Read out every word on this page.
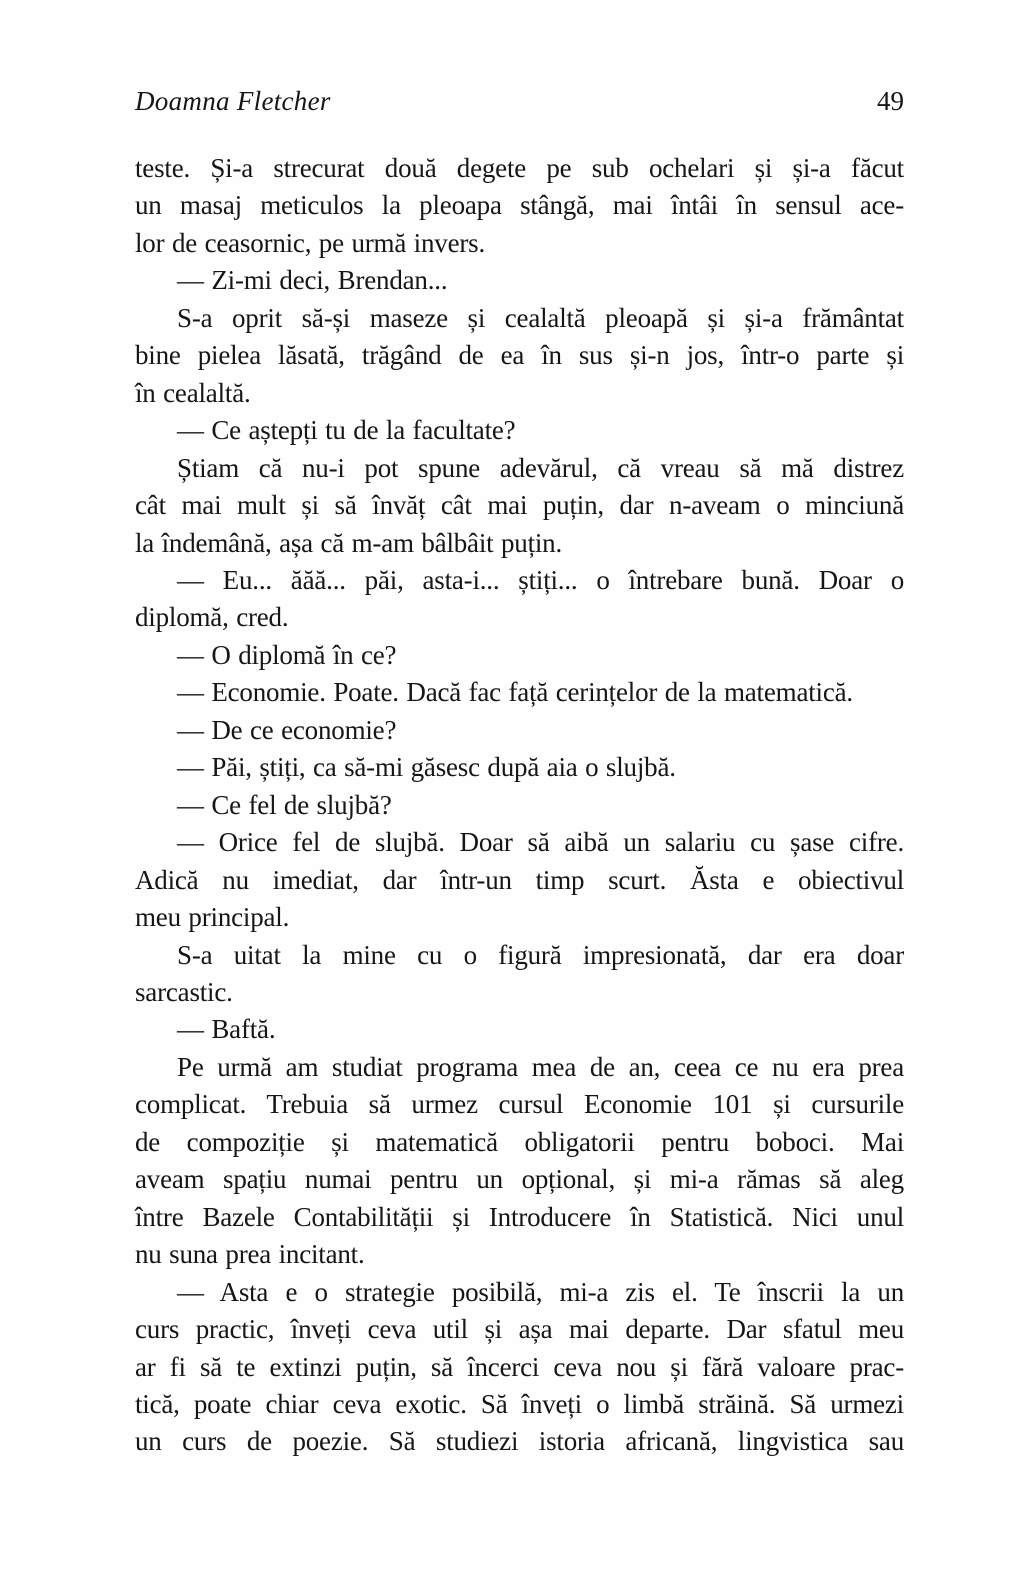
Doamna Fletcher	49
teste. Și-a strecurat două degete pe sub ochelari și și-a făcut
un masaj meticulos la pleoapa stângă, mai întâi în sensul ace-
lor de ceasornic, pe urmă invers.
— Zi-mi deci, Brendan...
S-a oprit să-și maseze și cealaltă pleoapă și și-a frământat
bine pielea lăsată, trăgând de ea în sus și-n jos, într-o parte și
în cealaltă.
— Ce aștepți tu de la facultate?
Știam că nu-i pot spune adevărul, că vreau să mă distrez
cât mai mult și să învăț cât mai puțin, dar n-aveam o minciună
la îndemână, așa că m-am bâlbâit puțin.
— Eu... ăăă... păi, asta-i... știți... o întrebare bună. Doar o
diplomă, cred.
— O diplomă în ce?
— Economie. Poate. Dacă fac față cerințelor de la matematică.
— De ce economie?
— Păi, știți, ca să-mi găsesc după aia o slujbă.
— Ce fel de slujbă?
— Orice fel de slujbă. Doar să aibă un salariu cu șase cifre.
Adică nu imediat, dar într-un timp scurt. Ăsta e obiectivul
meu principal.
S-a uitat la mine cu o figură impresionată, dar era doar
sarcastic.
— Baftă.
Pe urmă am studiat programa mea de an, ceea ce nu era prea
complicat. Trebuia să urmez cursul Economie 101 și cursurile
de compoziție și matematică obligatorii pentru boboci. Mai
aveam spațiu numai pentru un opțional, și mi-a rămas să aleg
între Bazele Contabilității și Introducere în Statistică. Nici unul
nu suna prea incitant.
— Asta e o strategie posibilă, mi-a zis el. Te înscrii la un
curs practic, înveți ceva util și așa mai departe. Dar sfatul meu
ar fi să te extinzi puțin, să încerci ceva nou și fără valoare prac-
tică, poate chiar ceva exotic. Să înveți o limbă străină. Să urmezi
un curs de poezie. Să studiezi istoria africană, lingvistica sau
